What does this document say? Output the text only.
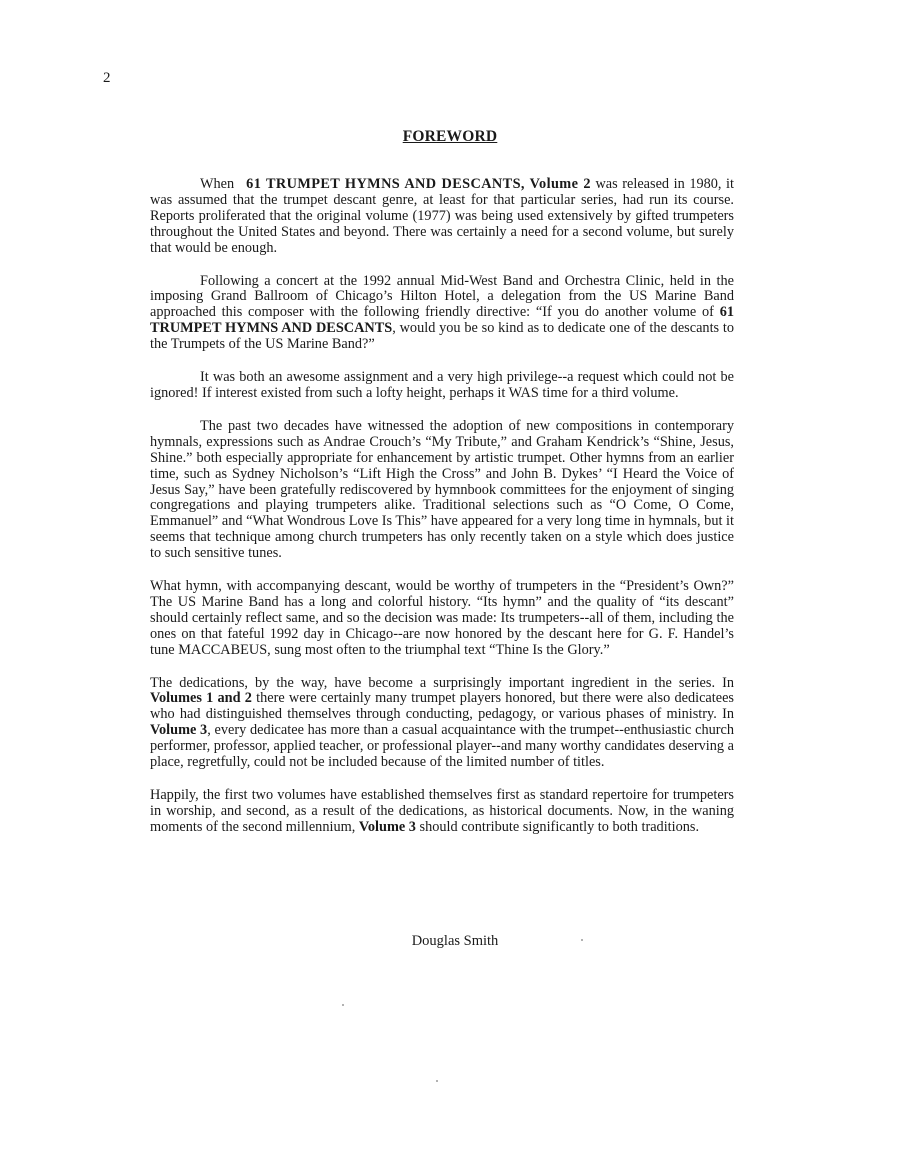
2
FOREWORD

When 61 TRUMPET HYMNS AND DESCANTS, Volume 2 was released in 1980, it was assumed that the trumpet descant genre, at least for that particular series, had run its course. Reports proliferated that the original volume (1977) was being used extensively by gifted trumpeters throughout the United States and beyond. There was certainly a need for a second volume, but surely that would be enough.

Following a concert at the 1992 annual Mid-West Band and Orchestra Clinic, held in the imposing Grand Ballroom of Chicago’s Hilton Hotel, a delegation from the US Marine Band approached this composer with the following friendly directive: “If you do another volume of 61 TRUMPET HYMNS AND DESCANTS, would you be so kind as to dedicate one of the descants to the Trumpets of the US Marine Band?”

It was both an awesome assignment and a very high privilege--a request which could not be ignored! If interest existed from such a lofty height, perhaps it WAS time for a third volume.

The past two decades have witnessed the adoption of new compositions in contemporary hymnals, expressions such as Andrae Crouch’s “My Tribute,” and Graham Kendrick’s “Shine, Jesus, Shine.” both especially appropriate for enhancement by artistic trumpet. Other hymns from an earlier time, such as Sydney Nicholson’s “Lift High the Cross” and John B. Dykes’ “I Heard the Voice of Jesus Say,” have been gratefully rediscovered by hymnbook committees for the enjoyment of singing congregations and playing trumpeters alike. Traditional selections such as “O Come, O Come, Emmanuel” and “What Wondrous Love Is This” have appeared for a very long time in hymnals, but it seems that technique among church trumpeters has only recently taken on a style which does justice to such sensitive tunes.

What hymn, with accompanying descant, would be worthy of trumpeters in the “President’s Own?” The US Marine Band has a long and colorful history. “Its hymn” and the quality of “its descant” should certainly reflect same, and so the decision was made: Its trumpeters--all of them, including the ones on that fateful 1992 day in Chicago--are now honored by the descant here for G. F. Handel’s tune MACCABEUS, sung most often to the triumphal text “Thine Is the Glory.”

The dedications, by the way, have become a surprisingly important ingredient in the series. In Volumes 1 and 2 there were certainly many trumpet players honored, but there were also dedicatees who had distinguished themselves through conducting, pedagogy, or various phases of ministry. In Volume 3, every dedicatee has more than a casual acquaintance with the trumpet--enthusiastic church performer, professor, applied teacher, or professional player--and many worthy candidates deserving a place, regretfully, could not be included because of the limited number of titles.

Happily, the first two volumes have established themselves first as standard repertoire for trumpeters in worship, and second, as a result of the dedications, as historical documents. Now, in the waning moments of the second millennium, Volume 3 should contribute significantly to both traditions.

Douglas Smith
